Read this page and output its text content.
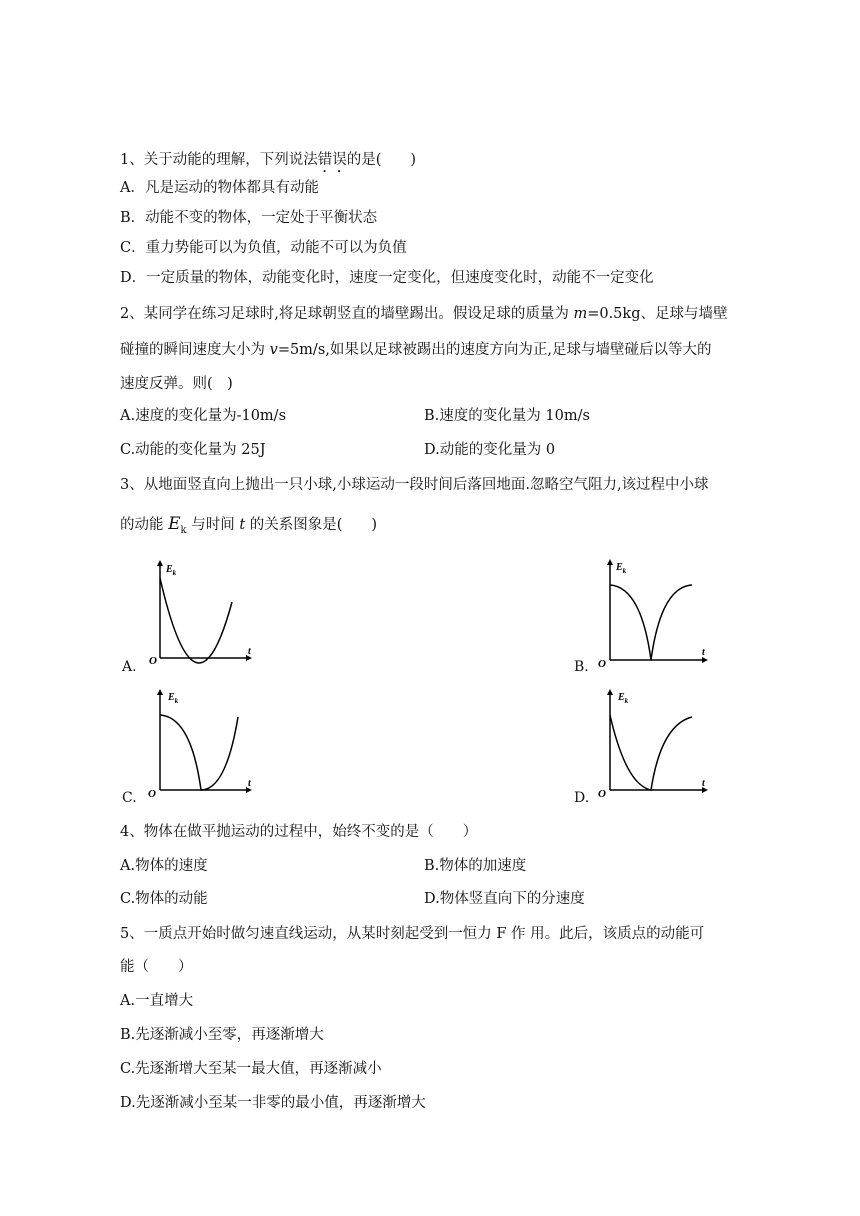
1、关于动能的理解，下列说法错误的是(　　)
A．凡是运动的物体都具有动能
B．动能不变的物体，一定处于平衡状态
C．重力势能可以为负值，动能不可以为负值
D．一定质量的物体，动能变化时，速度一定变化，但速度变化时，动能不一定变化
2、某同学在练习足球时,将足球朝竖直的墙壁踢出。假设足球的质量为 m=0.5kg、足球与墙壁
碰撞的瞬间速度大小为 v=5m/s,如果以足球被踢出的速度方向为正,足球与墙壁碰后以等大的
速度反弹。则(　)
A.速度的变化量为-10m/s	B.速度的变化量为 10m/s
C.动能的变化量为 25J	D.动能的变化量为 0
3、从地面竖直向上抛出一只小球,小球运动一段时间后落回地面.忽略空气阻力,该过程中小球
的动能 $E_k$ 与时间 t 的关系图象是(　　)
A.
$E_k$
t
O	B.
$E_k$
t
O
C.
$E_k$
t
O	D.
$E_k$
t
O
4、物体在做平抛运动的过程中，始终不变的是（　　）
A.物体的速度	B.物体的加速度
C.物体的动能	D.物体竖直向下的分速度
5、一质点开始时做匀速直线运动，从某时刻起受到一恒力 F 作 用。此后，该质点的动能可
能（　　）
A.一直增大
B.先逐渐减小至零，再逐渐增大
C.先逐渐增大至某一最大值，再逐渐减小
D.先逐渐减小至某一非零的最小值，再逐渐增大
